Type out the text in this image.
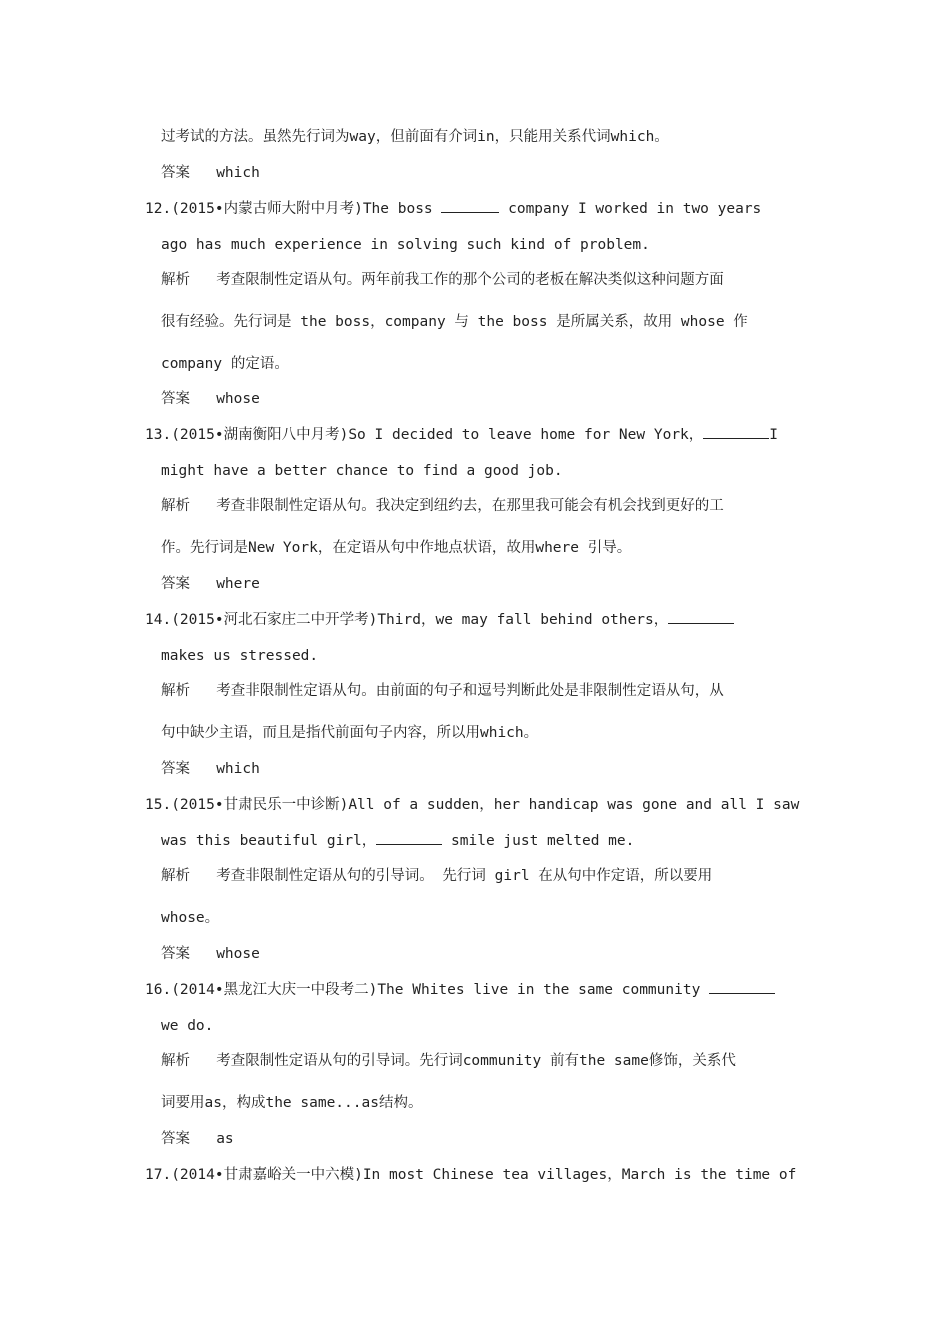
过考试的方法。虽然先行词为way，但前面有介词in，只能用关系代词which。
答案 which
12.(2015•内蒙古师大附中月考)The boss	company I worked in two years
ago has much experience in solving such kind of problem.
解析 考查限制性定语从句。两年前我工作的那个公司的老板在解决类似这种问题方面
很有经验。先行词是 the boss，company 与 the boss 是所属关系，故用 whose 作
company 的定语。
答案 whose
13.(2015•湖南衡阳八中月考)So I decided to leave home for New York，	I
might have a better chance to find a good job.
解析 考查非限制性定语从句。我决定到纽约去，在那里我可能会有机会找到更好的工
作。先行词是New York，在定语从句中作地点状语，故用where 引导。
答案 where
14.(2015•河北石家庄二中开学考)Third，we may fall behind others，
makes us stressed.
解析 考查非限制性定语从句。由前面的句子和逗号判断此处是非限制性定语从句，从
句中缺少主语，而且是指代前面句子内容，所以用which。
答案 which
15.(2015•甘肃民乐一中诊断)All of a sudden，her handicap was gone and all I saw
was this beautiful girl，	smile just melted me.
解析 考查非限制性定语从句的引导词。 先行词 girl 在从句中作定语，所以要用
whose。
答案 whose
16.(2014•黑龙江大庆一中段考二)The Whites live in the same community
we do.
解析 考查限制性定语从句的引导词。先行词community 前有the same修饰，关系代
词要用as，构成the same...as结构。
答案 as
17.(2014•甘肃嘉峪关一中六模)In most Chinese tea villages，March is the time of
